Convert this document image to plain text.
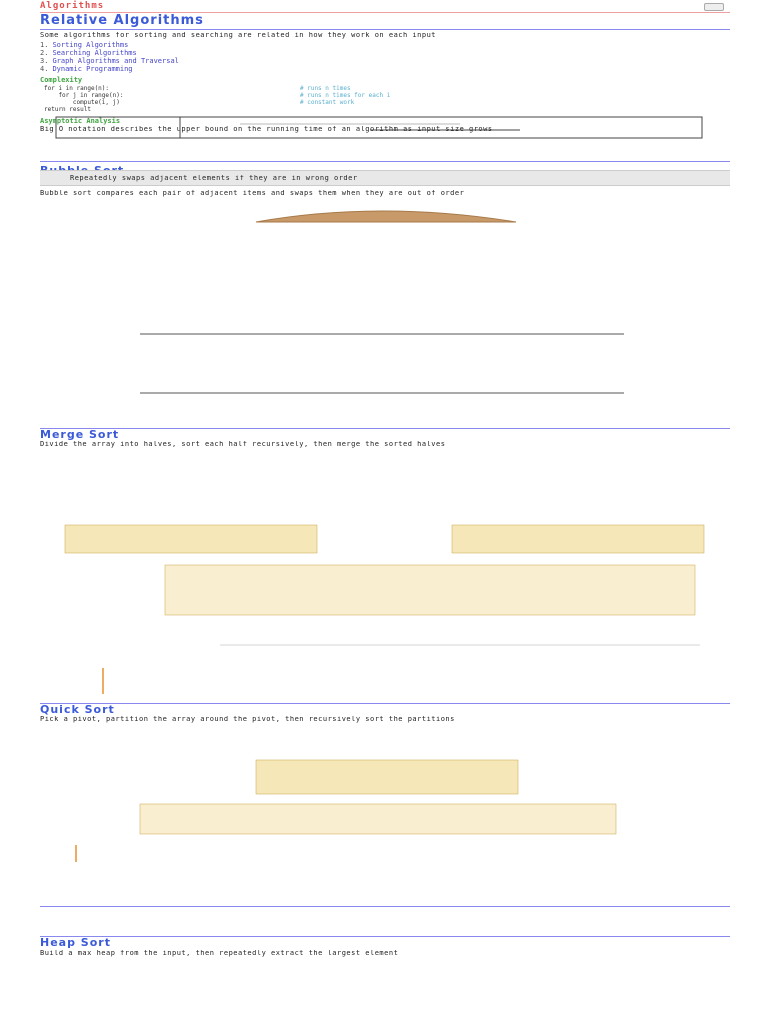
Algorithms
Relative Algorithms
Some algorithms for sorting and searching are related in how they work on each input
1. Sorting Algorithms
2. Searching Algorithms
3. Graph Algorithms and Traversal
4. Dynamic Programming
Complexity
for i in range(n):
for j in range(n):
compute(i, j)
return result
# runs n times
# runs n times for each i
# constant work
Asymptotic Analysis
Big O notation describes the upper bound on the running time of an algorithm as input size grows
Repeatedly swaps adjacent elements if they are in wrong order
Bubble sort compares each pair of adjacent items and swaps them when they are out of order
Merge Sort
Divide the array into halves, sort each half recursively, then merge the sorted halves
Quick Sort
Pick a pivot, partition the array around the pivot, then recursively sort the partitions
Heap Sort
Build a max heap from the input, then repeatedly extract the largest element
